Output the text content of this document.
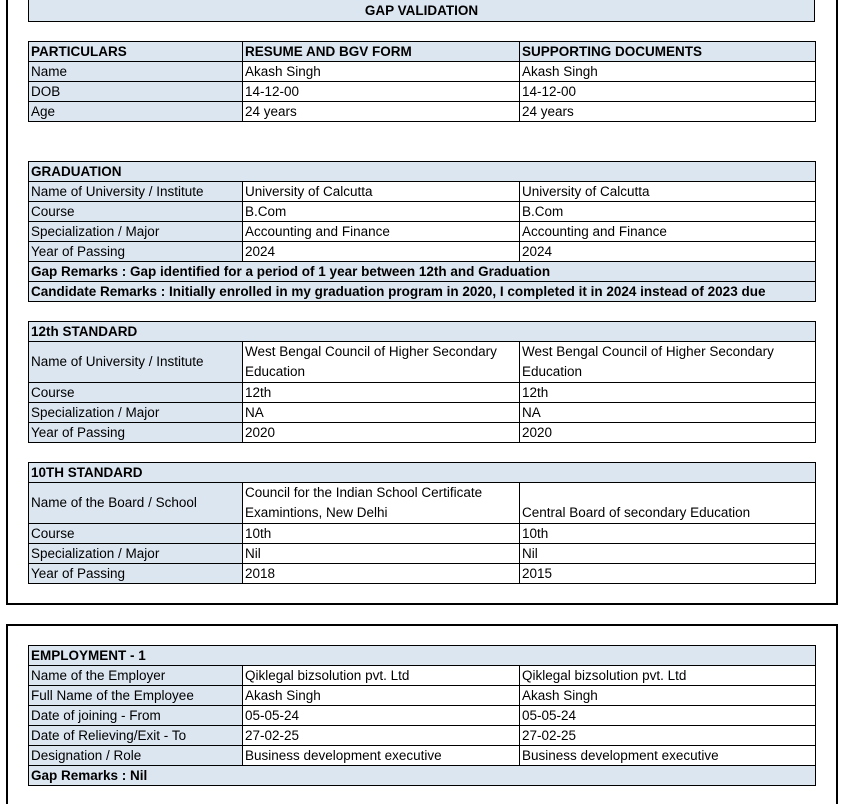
GAP VALIDATION
PARTICULARS	RESUME AND BGV FORM	SUPPORTING DOCUMENTS
Name	Akash Singh	Akash Singh
DOB	14-12-00	14-12-00
Age	24 years	24 years
GRADUATION		
Name of University / Institute	University of Calcutta	University of Calcutta
Course	B.Com	B.Com
Specialization / Major	Accounting and Finance	Accounting and Finance
Year of Passing	2024	2024
Gap Remarks : Gap identified for a period of 1 year between 12th and Graduation		
Candidate Remarks : Initially enrolled in my graduation program in 2020, I completed it in 2024 instead of 2023 due		
12th STANDARD		
Name of University / Institute	West Bengal Council of Higher Secondary Education	West Bengal Council of Higher Secondary Education
Course	12th	12th
Specialization / Major	NA	NA
Year of Passing	2020	2020
10TH STANDARD		
Name of the Board / School	Council for the Indian School Certificate Examintions, New Delhi	Central Board of secondary Education
Course	10th	10th
Specialization / Major	Nil	Nil
Year of Passing	2018	2015
EMPLOYMENT - 1		
Name of the Employer	Qiklegal bizsolution pvt. Ltd	Qiklegal bizsolution pvt. Ltd
Full Name of the Employee	Akash Singh	Akash Singh
Date of joining - From	05-05-24	05-05-24
Date of Relieving/Exit - To	27-02-25	27-02-25
Designation / Role	Business development executive	Business development executive
Gap Remarks : Nil		
